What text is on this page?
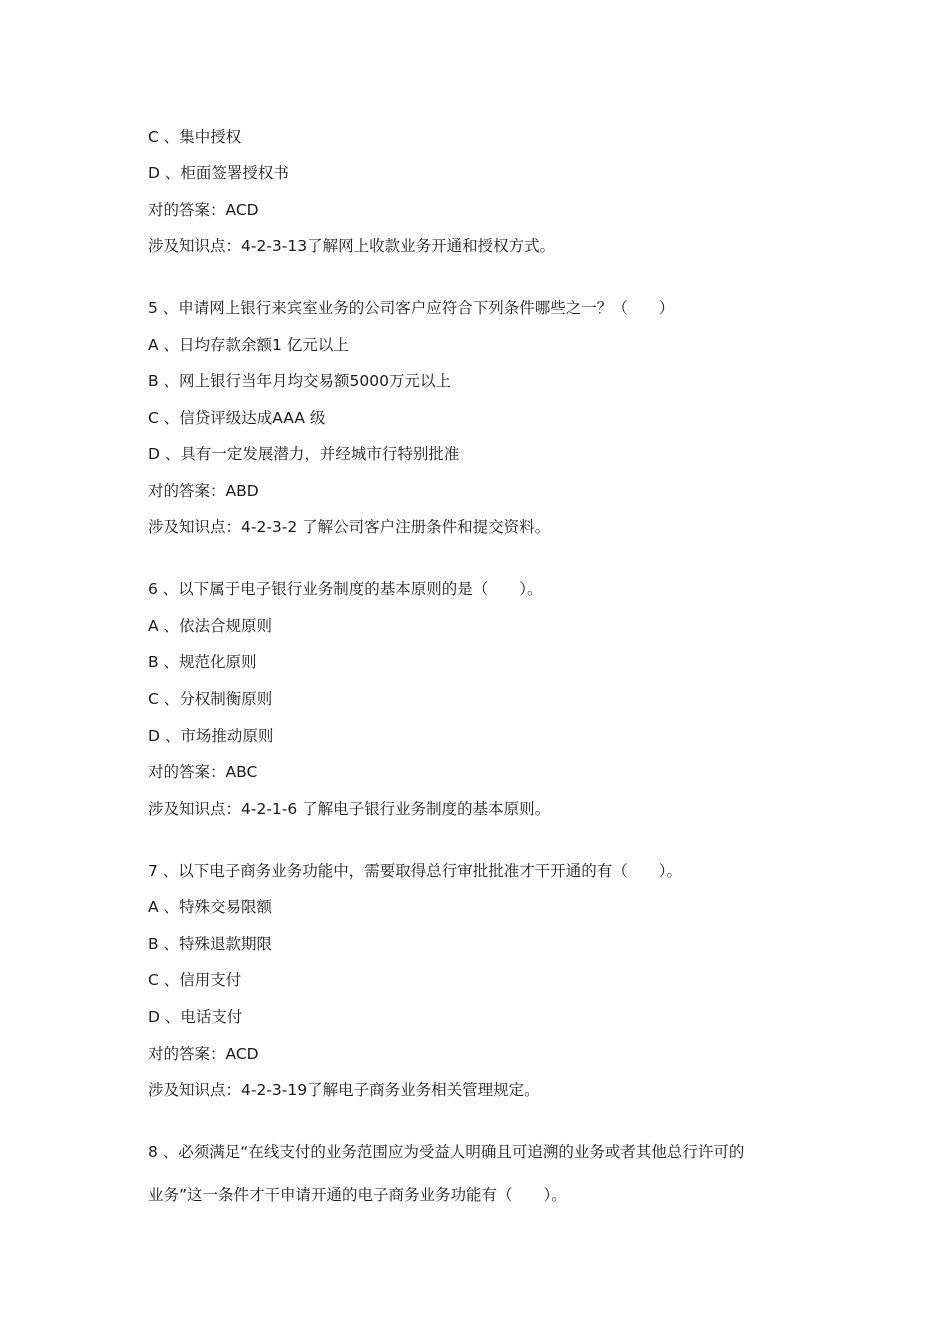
C 、集中授权
D 、柜面签署授权书
对的答案：ACD
涉及知识点：4-2-3-13了解网上收款业务开通和授权方式。
5 、申请网上银行来宾室业务的公司客户应符合下列条件哪些之一？（　　）
A 、日均存款余额1 亿元以上
B 、网上银行当年月均交易额5000万元以上
C 、信贷评级达成AAA 级
D 、具有一定发展潜力，并经城市行特别批准
对的答案：ABD
涉及知识点：4-2-3-2 了解公司客户注册条件和提交资料。
6 、以下属于电子银行业务制度的基本原则的是（　　）。
A 、依法合规原则
B 、规范化原则
C 、分权制衡原则
D 、市场推动原则
对的答案：ABC
涉及知识点：4-2-1-6 了解电子银行业务制度的基本原则。
7 、以下电子商务业务功能中，需要取得总行审批批准才干开通的有（　　）。
A 、特殊交易限额
B 、特殊退款期限
C 、信用支付
D 、电话支付
对的答案：ACD
涉及知识点：4-2-3-19了解电子商务业务相关管理规定。
8 、必须满足“在线支付的业务范围应为受益人明确且可追溯的业务或者其他总行许可的
业务”这一条件才干申请开通的电子商务业务功能有（　　）。
